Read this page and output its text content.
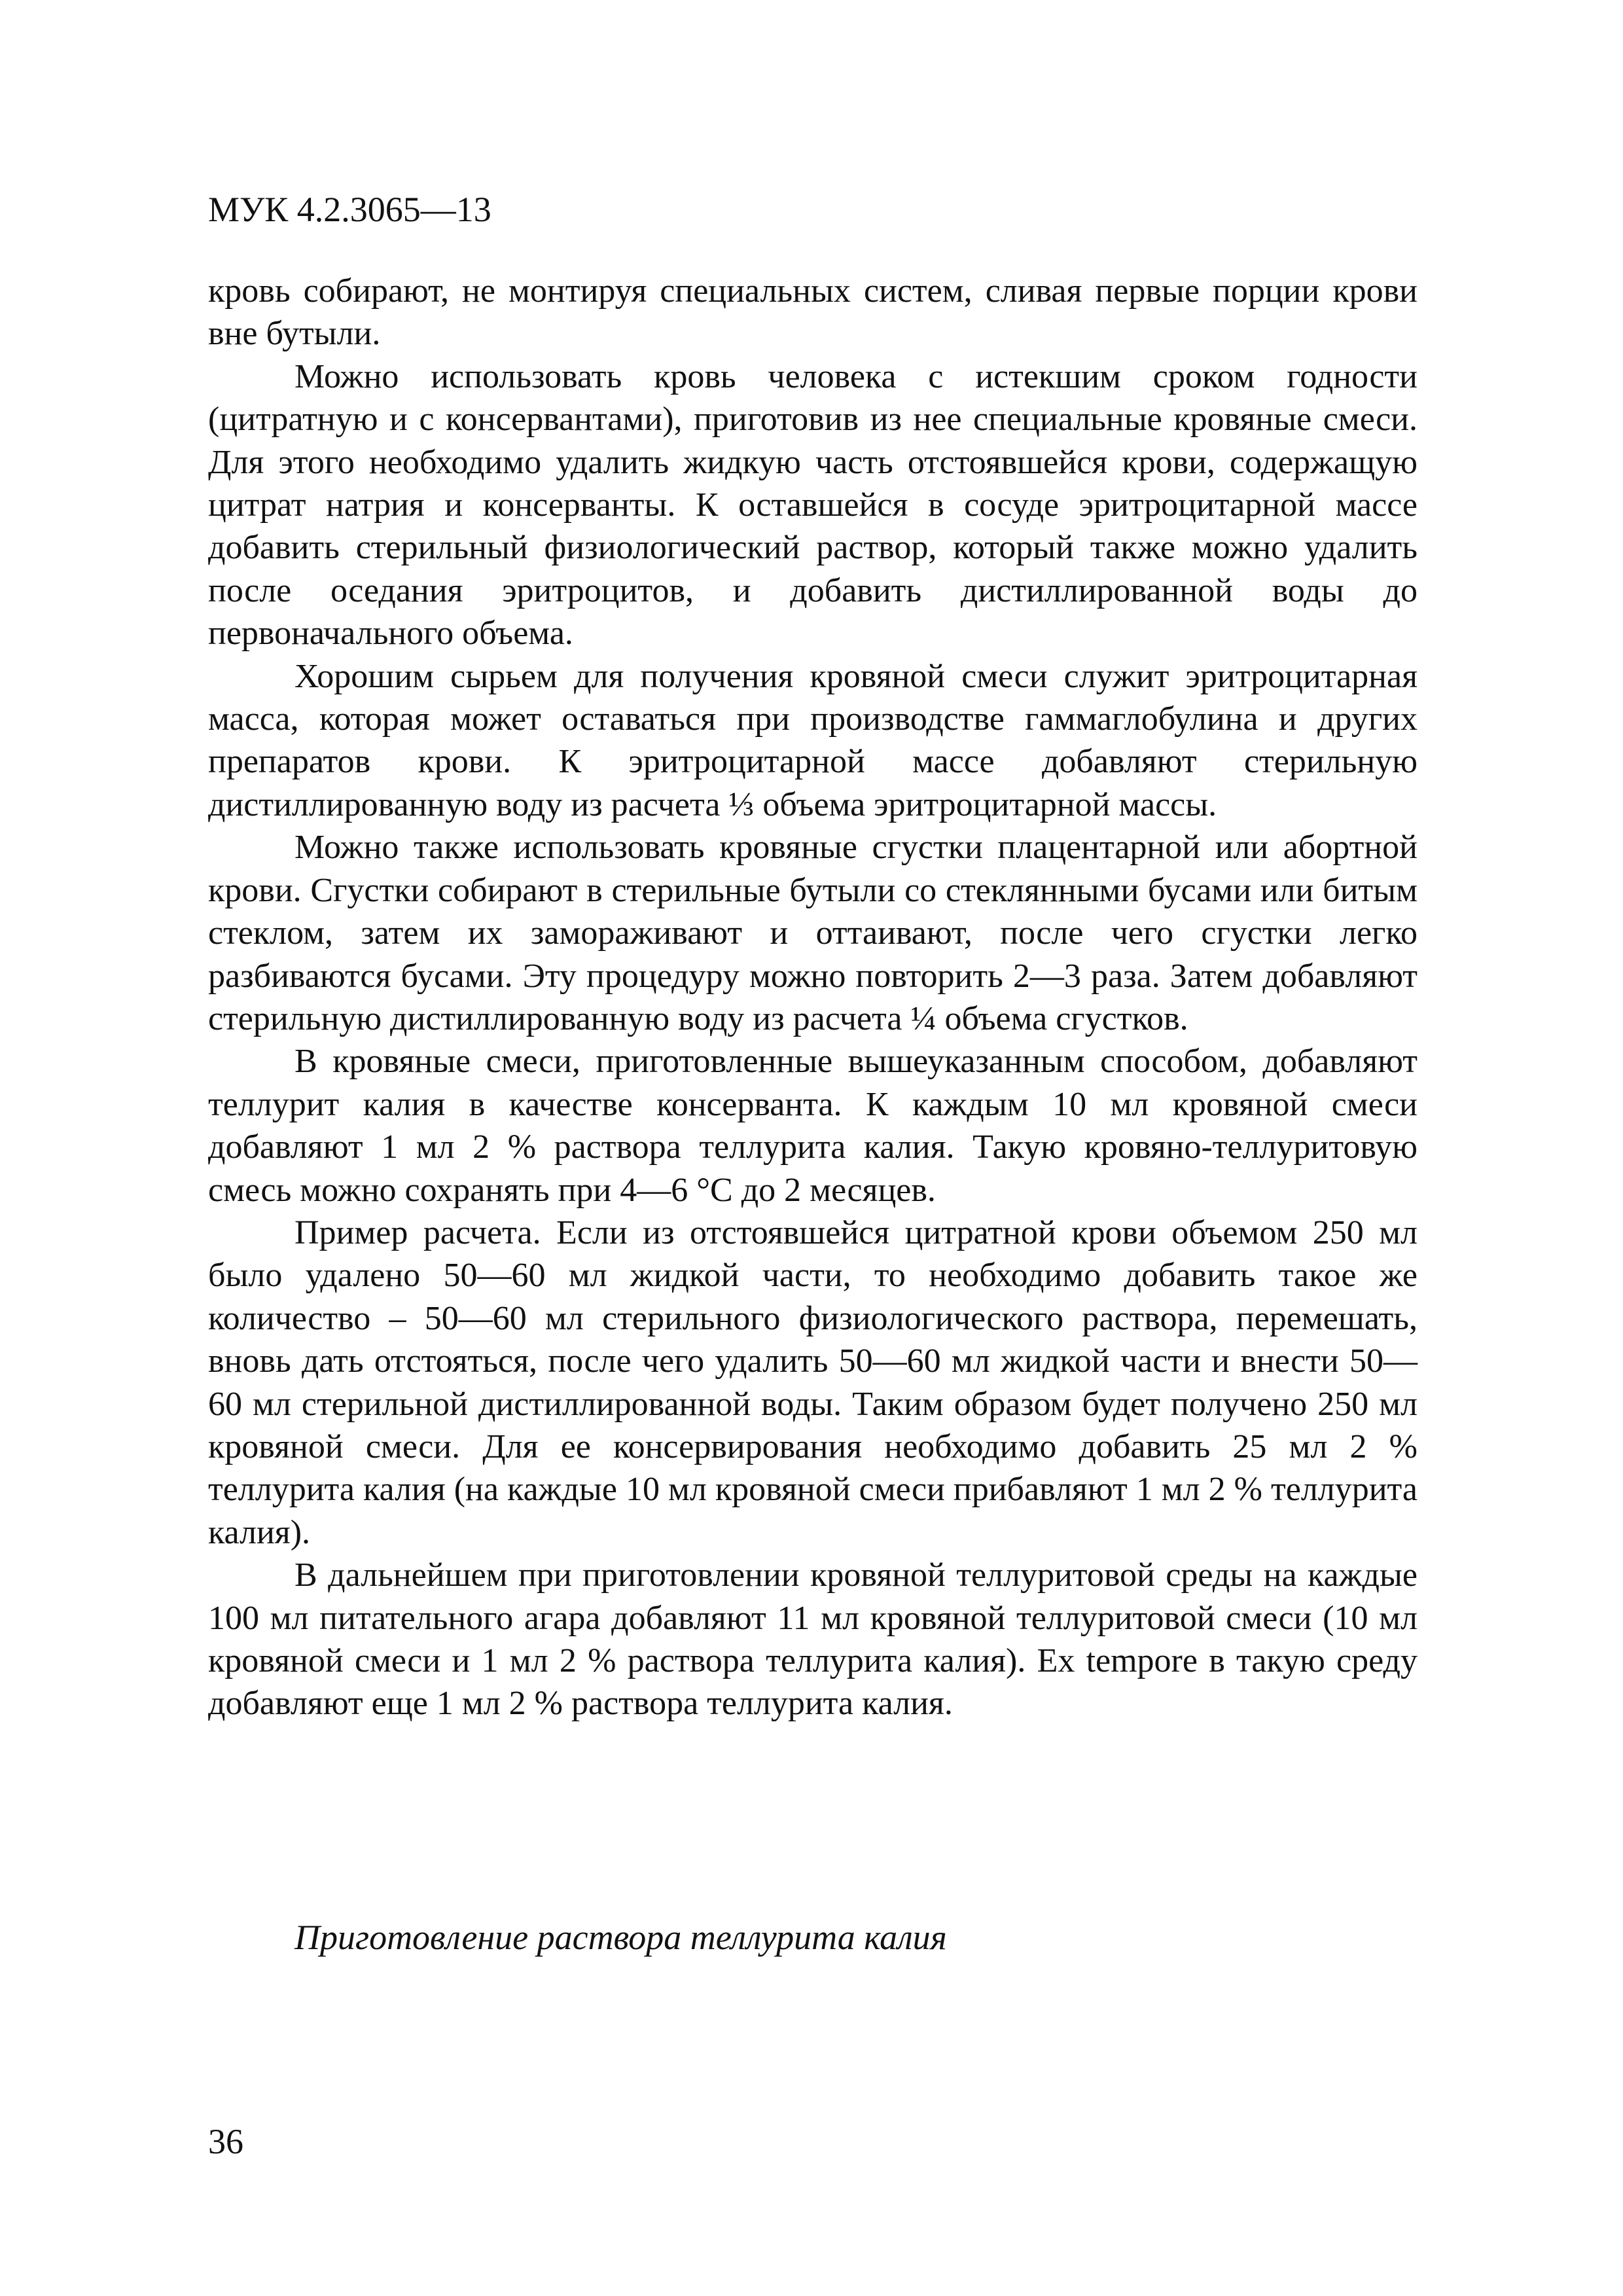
МУК 4.2.3065—13

кровь собирают, не монтируя специальных систем, сливая первые порции крови вне бутыли.

Можно использовать кровь человека с истекшим сроком годности (цитратную и с консервантами), приготовив из нее специальные кровяные смеси. Для этого необходимо удалить жидкую часть отстоявшейся крови, содержащую цитрат натрия и консерванты. К оставшейся в сосуде эритроцитарной массе добавить стерильный физиологический раствор, который также можно удалить после оседания эритроцитов, и добавить дистиллированной воды до первоначального объема.

Хорошим сырьем для получения кровяной смеси служит эритроцитарная масса, которая может оставаться при производстве гаммаглобулина и других препаратов крови. К эритроцитарной массе добавляют стерильную дистиллированную воду из расчета ⅓ объема эритроцитарной массы.

Можно также использовать кровяные сгустки плацентарной или абортной крови. Сгустки собирают в стерильные бутыли со стеклянными бусами или битым стеклом, затем их замораживают и оттаивают, после чего сгустки легко разбиваются бусами. Эту процедуру можно повторить 2—3 раза. Затем добавляют стерильную дистиллированную воду из расчета ¼ объема сгустков.

В кровяные смеси, приготовленные вышеуказанным способом, добавляют теллурит калия в качестве консерванта. К каждым 10 мл кровяной смеси добавляют 1 мл 2 % раствора теллурита калия. Такую кровяно-теллуритовую смесь можно сохранять при 4—6 °С до 2 месяцев.

Пример расчета. Если из отстоявшейся цитратной крови объемом 250 мл было удалено 50—60 мл жидкой части, то необходимо добавить такое же количество – 50—60 мл стерильного физиологического раствора, перемешать, вновь дать отстояться, после чего удалить 50—60 мл жидкой части и внести 50—60 мл стерильной дистиллированной воды. Таким образом будет получено 250 мл кровяной смеси. Для ее консервирования необходимо добавить 25 мл 2 % теллурита калия (на каждые 10 мл кровяной смеси прибавляют 1 мл 2 % теллурита калия).

В дальнейшем при приготовлении кровяной теллуритовой среды на каждые 100 мл питательного агара добавляют 11 мл кровяной теллуритовой смеси (10 мл кровяной смеси и 1 мл 2 % раствора теллурита калия). Ex tempore в такую среду добавляют еще 1 мл 2 % раствора теллурита калия.

Приготовление раствора теллурита калия
36
